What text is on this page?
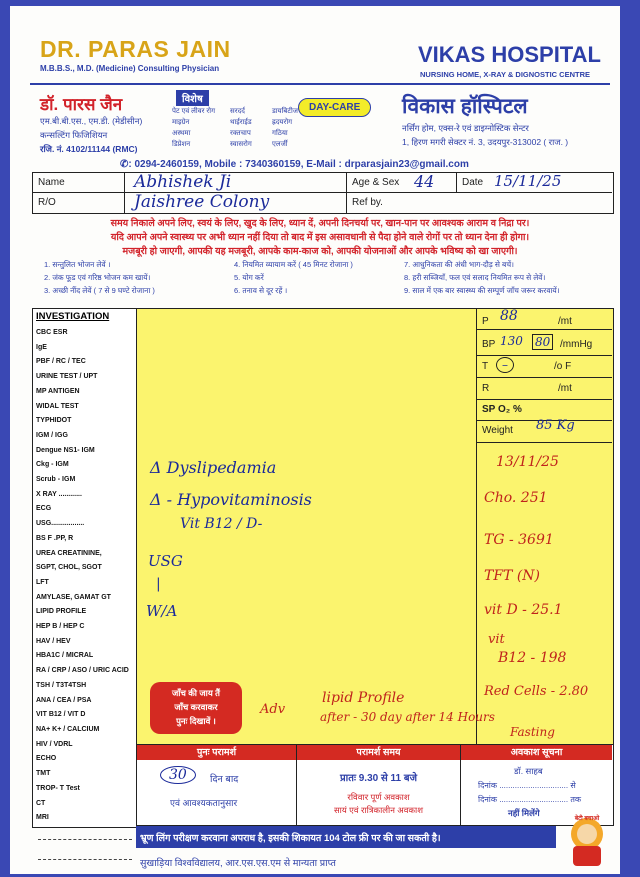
DR. PARAS JAIN
M.B.B.S., M.D. (Medicine) Consulting Physician
VIKAS HOSPITAL
NURSING HOME, X-RAY & DIGNOSTIC CENTRE
डॉ. पारस जैन
एम.बी.बी.एस., एम.डी. (मेडीसीन)
कन्सल्टिंग फिजिशियन
रजि. नं. 4102/11144 (RMC)
विशेष
पेट एवं लीवर रोग
माइग्रेन
अस्थमा
डिप्रेशन
सरदर्द
थाईराईड
रक्तचाप
स्वासरोग
डायबिटीज
ह्रदयरोग
गठिया
एलर्जी
DAY-CARE	विकास हॉस्पिटल
नर्सिंग होम, एक्स-रे एवं डाइग्नोस्टिक सेन्टर
1, हिरण मगरी सेक्टर नं. 3, उदयपुर-313002 ( राज. )
✆: 0294-2460159, Mobile : 7340360159, E-Mail : drparasjain23@gmail.com
Name	Abhishek Ji	Age & Sex 44	Date 15/11/25
R/O	Jaishree Colony	Ref by.
समय निकाले अपने लिए, स्वयं के लिए, खुद के लिए, ध्यान दें, अपनी दिनचर्या पर, खान-पान पर आवश्यक आराम व निद्रा पर।
यदि आपने अपने स्वास्थ्य पर अभी ध्यान नहीं दिया तो बाद में इस असावधानी से पैदा होने वाले रोगों पर तो ध्यान देना ही होगा।
मजबूरी हो जाएगी, आपकी यह मजबूरी, आपके काम-काज को, आपकी योजनाओं और आपके भविष्य को खा जाएगी।
1. सन्तुलित भोजन लेवें ।
2. जंक फूड एवं गरिष्ठ भोजन कम खायें।
3. अच्छी नींद लेवें ( 7 से 9 घण्टे रोजाना )
4. नियमित व्यायाम करें ( 45 मिनट रोजाना )
5. योग करें
6. तनाव से दूर रहें ।
7. आधुनिकता की अंधी भाग-दौड़ से बचें।
8. हरी सब्जियाँ, फल एवं सलाद नियमित रूप से लेवें।
9. साल में एक बार स्वास्थ्य की सम्पूर्ण जाँच जरूर करवायें।
INVESTIGATION
CBC ESR
IgE
PBF / RC / TEC
URINE TEST / UPT
MP ANTIGEN
WIDAL TEST
TYPHIDOT
IGM / IGG
Dengue NS1- IGM
Ckg - IGM
Scrub - IGM
X RAY ............
ECG
USG.................
BS F .PP, R
UREA CREATININE,
SGPT, CHOL, SGOT
LFT
AMYLASE, GAMAT GT
LIPID PROFILE
HEP B / HEP C
HAV / HEV
HBA1C / MICRAL
RA / CRP / ASO / URIC ACID
TSH / T3T4TSH
ANA / CEA / PSA
VIT B12 / VIT D
NA+ K+ / CALCIUM
HIV / VDRL
ECHO
TMT
TROP- T Test
CT
MRI
P 88	/mt
BP 130 80 /mmHg
T	–	/o F
R	/mt
SP O₂ %
Weight 85 Kg
Δ Dyslipedamia
Δ - Hypovitaminosis
Vit B12 / D-
USG
|
W/A
13/11/25
Cho. 251
TG - 3691
TFT (N)
vit D - 25.1
vit
B12 - 198
Red Cells - 2.80
Adv
lipid Profile
after - 30 day after 14 Hours
Fasting
जाँच की जाय तैं
जाँच करवाकर
पुनः दिखावें ।
पुनः परामर्श
30	दिन बाद
एवं आवश्यकतानुसार
परामर्श समय
प्रातः 9.30 से 11 बजे
रविवार पूर्ण अवकाश
सायं एवं रात्रिकालीन अवकाश
अवकाश सूचना
डॉ. साहब
दिनांक ............................... से
दिनांक ............................... तक
नहीं मिलेंगे
भ्रूण लिंग परीक्षण करवाना अपराध है, इसकी शिकायत 104 टोल फ्री पर की जा सकती है।
सुखाड़िया विश्वविद्यालय, आर.एस.एस.एम से मान्यता प्राप्त
बेटी बचाओ
